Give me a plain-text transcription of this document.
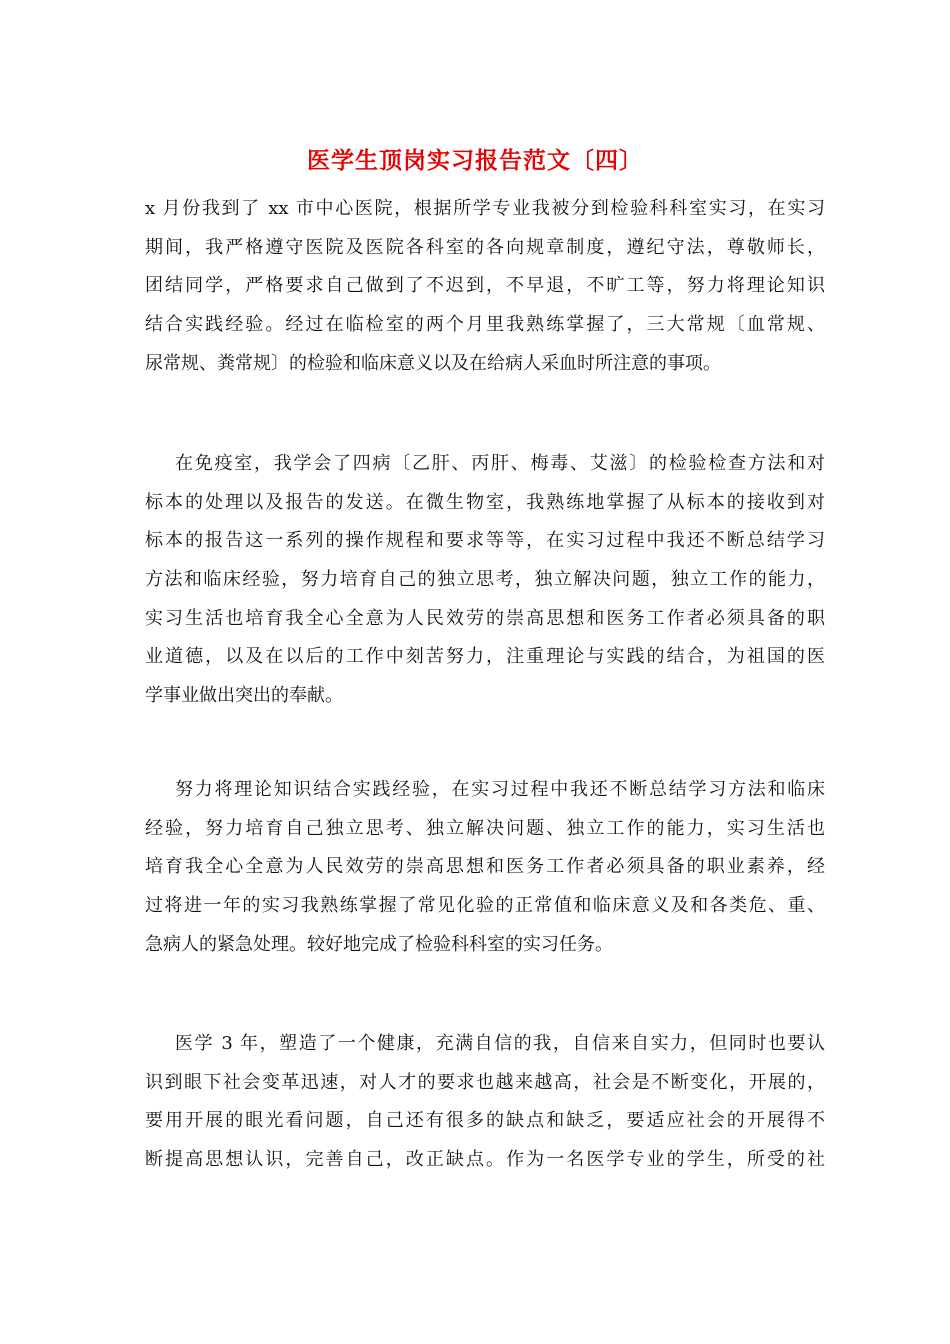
医学生顶岗实习报告范文〔四〕
x 月份我到了 xx 市中心医院，根据所学专业我被分到检验科科室实习，在实习
期间，我严格遵守医院及医院各科室的各向规章制度，遵纪守法，尊敬师长，
团结同学，严格要求自己做到了不迟到，不早退，不旷工等，努力将理论知识
结合实践经验。经过在临检室的两个月里我熟练掌握了，三大常规〔血常规、
尿常规、粪常规〕的检验和临床意义以及在给病人采血时所注意的事项。
在免疫室，我学会了四病〔乙肝、丙肝、梅毒、艾滋〕的检验检查方法和对
标本的处理以及报告的发送。在微生物室，我熟练地掌握了从标本的接收到对
标本的报告这一系列的操作规程和要求等等，在实习过程中我还不断总结学习
方法和临床经验，努力培育自己的独立思考，独立解决问题，独立工作的能力，
实习生活也培育我全心全意为人民效劳的崇高思想和医务工作者必须具备的职
业道德，以及在以后的工作中刻苦努力，注重理论与实践的结合，为祖国的医
学事业做出突出的奉献。
努力将理论知识结合实践经验，在实习过程中我还不断总结学习方法和临床
经验，努力培育自己独立思考、独立解决问题、独立工作的能力，实习生活也
培育我全心全意为人民效劳的崇高思想和医务工作者必须具备的职业素养，经
过将进一年的实习我熟练掌握了常见化验的正常值和临床意义及和各类危、重、
急病人的紧急处理。较好地完成了检验科科室的实习任务。
医学 3 年，塑造了一个健康，充满自信的我，自信来自实力，但同时也要认
识到眼下社会变革迅速，对人才的要求也越来越高，社会是不断变化，开展的，
要用开展的眼光看问题，自己还有很多的缺点和缺乏，要适应社会的开展得不
断提高思想认识，完善自己，改正缺点。作为一名医学专业的学生，所受的社
